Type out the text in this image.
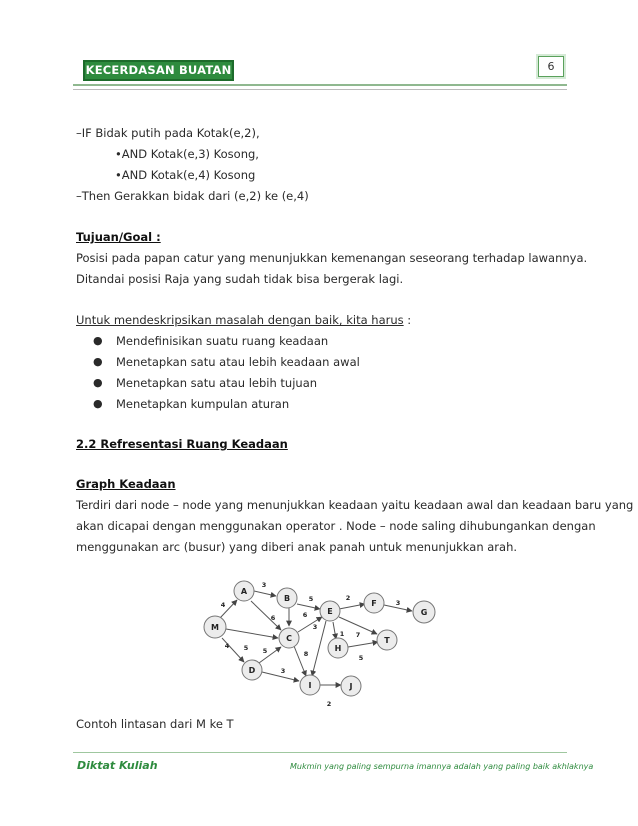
KECERDASAN BUATAN	6
–IF Bidak putih pada Kotak(e,2),
•AND Kotak(e,3) Kosong,
•AND Kotak(e,4) Kosong
–Then Gerakkan bidak dari (e,2) ke (e,4)
Tujuan/Goal :
Posisi pada papan catur yang menunjukkan kemenangan seseorang terhadap lawannya.
Ditandai posisi Raja yang sudah tidak bisa bergerak lagi.
Untuk mendeskripsikan masalah dengan baik, kita harus :
● Mendefinisikan suatu ruang keadaan
● Menetapkan satu atau lebih keadaan awal
● Menetapkan satu atau lebih tujuan
● Menetapkan kumpulan aturan
2.2 Refresentasi Ruang Keadaan
Graph Keadaan
Terdiri dari node – node yang menunjukkan keadaan yaitu keadaan awal dan keadaan baru yang
akan dicapai dengan menggunakan operator . Node – node saling dihubungankan dengan
menggunakan arc (busur) yang diberi anak panah untuk menunjukkan arah.
M
A
B
C
D
E
F
G
H
T
I	J
4
3
6
5
2
3
5
6
4
7
5
5	8
3
1
3
2
Contoh lintasan dari M ke T
Diktat Kuliah	Mukmin yang paling sempurna imannya adalah yang paling baik akhlaknya
